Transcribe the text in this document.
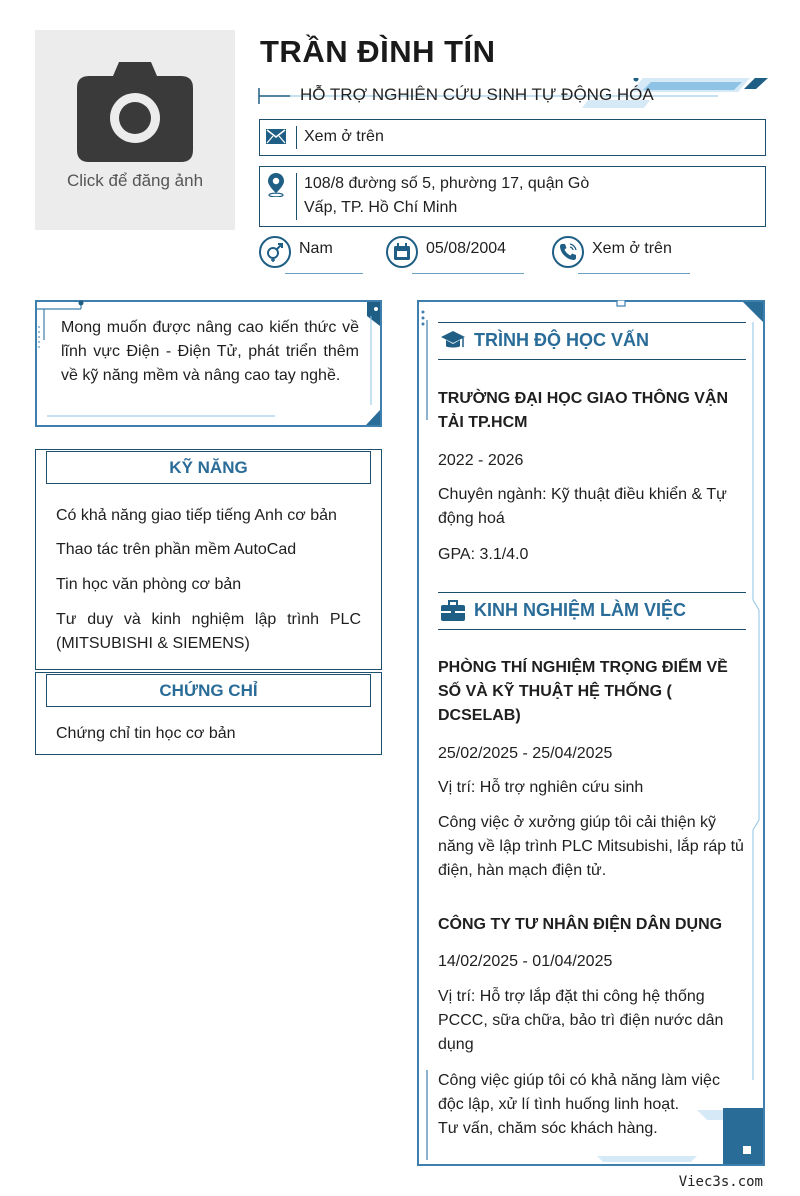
Click để đăng ảnh
TRẦN ĐÌNH TÍN
HỖ TRỢ NGHIÊN CỨU SINH TỰ ĐỘNG HÓA
Xem ở trên
108/8 đường số 5, phường 17, quận Gò
Vấp, TP. Hồ Chí Minh
Nam	05/08/2004	Xem ở trên
Mong muốn được nâng cao kiến thức về lĩnh vực Điện - Điện Tử, phát triển thêm về kỹ năng mềm và nâng cao tay nghề.
KỸ NĂNG
Có khả năng giao tiếp tiếng Anh cơ bản
Thao tác trên phần mềm AutoCad
Tin học văn phòng cơ bản
Tư duy và kinh nghiệm lập trình PLC (MITSUBISHI & SIEMENS)
CHỨNG CHỈ
Chứng chỉ tin học cơ bản
TRÌNH ĐỘ HỌC VẤN
TRƯỜNG ĐẠI HỌC GIAO THÔNG VẬN TẢI TP.HCM
2022 - 2026
Chuyên ngành: Kỹ thuật điều khiển & Tự động hoá
GPA: 3.1/4.0
KINH NGHIỆM LÀM VIỆC
PHÒNG THÍ NGHIỆM TRỌNG ĐIỂM VỀ SỐ VÀ KỸ THUẬT HỆ THỐNG ( DCSELAB)
25/02/2025 - 25/04/2025
Vị trí: Hỗ trợ nghiên cứu sinh
Công việc ở xưởng giúp tôi cải thiện kỹ năng về lập trình PLC Mitsubishi, lắp ráp tủ điện, hàn mạch điện tử.
CÔNG TY TƯ NHÂN ĐIỆN DÂN DỤNG
14/02/2025 - 01/04/2025
Vị trí: Hỗ trợ lắp đặt thi công hệ thống PCCC, sữa chữa, bảo trì điện nước dân dụng
Công việc giúp tôi có khả năng làm việc độc lập, xử lí tình huống linh hoạt.
Tư vấn, chăm sóc khách hàng.
Viec3s.com
